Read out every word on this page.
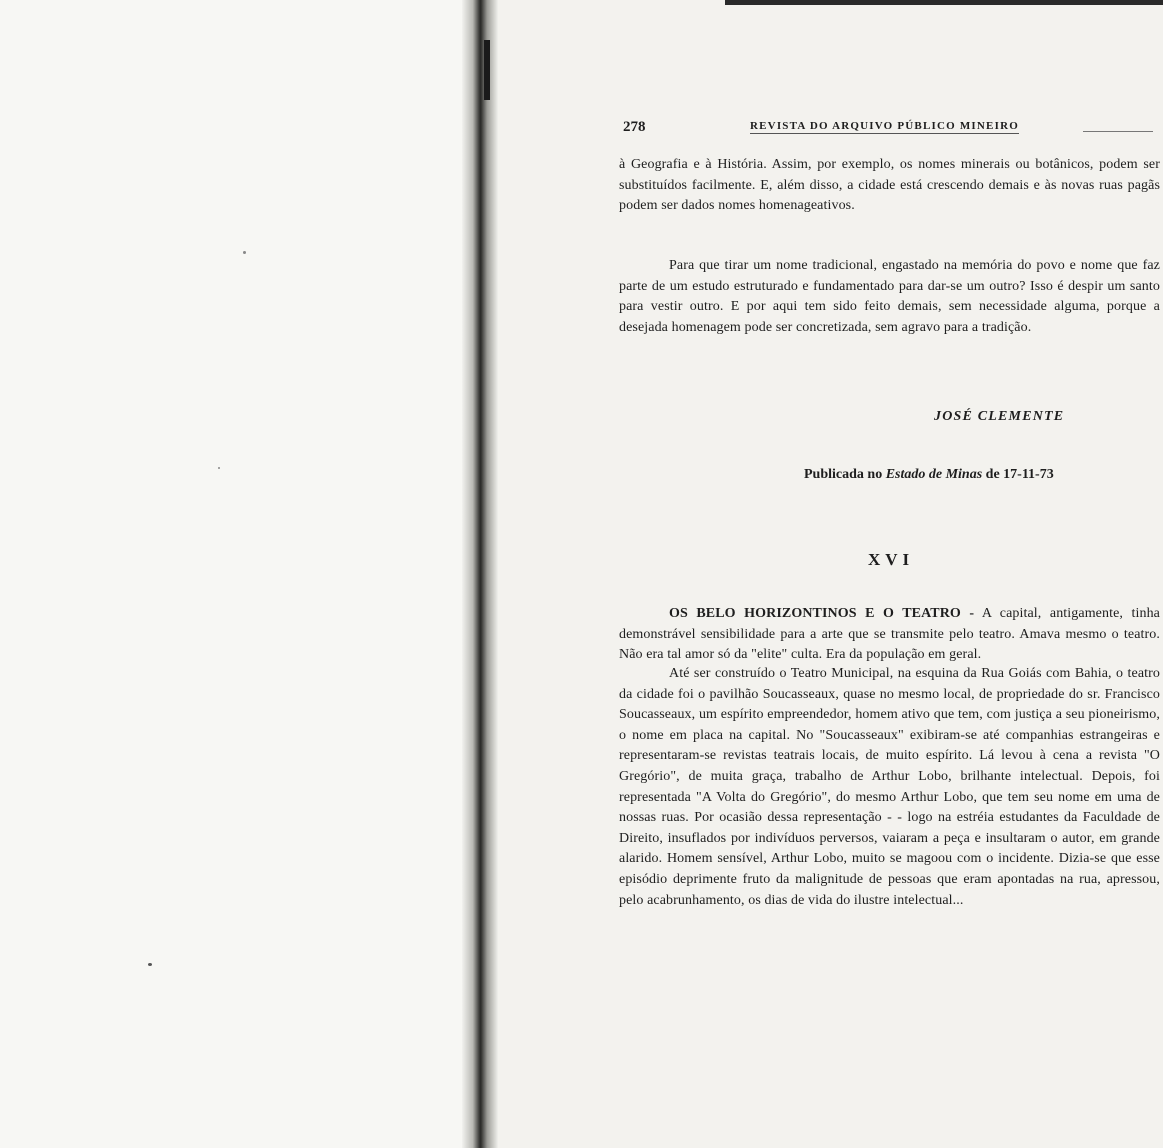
278	REVISTA DO ARQUIVO PÚBLICO MINEIRO

à Geografia e à História. Assim, por exemplo, os nomes minerais ou botânicos, podem ser substituídos facilmente. E, além disso, a cidade está crescendo demais e às novas ruas pagãs podem ser dados nomes homenageativos.

Para que tirar um nome tradicional, engastado na memória do povo e nome que faz parte de um estudo estruturado e fundamentado para dar-se um outro? Isso é despir um santo para vestir outro. E por aqui tem sido feito demais, sem necessidade alguma, porque a desejada homenagem pode ser concretizada, sem agravo para a tradição.

JOSÉ CLEMENTE
Publicada no Estado de Minas de 17-11-73
XVI

OS BELO HORIZONTINOS E O TEATRO - A capital, antigamente, tinha demonstrável sensibilidade para a arte que se transmite pelo teatro. Amava mesmo o teatro. Não era tal amor só da "elite" culta. Era da população em geral.

Até ser construído o Teatro Municipal, na esquina da Rua Goiás com Bahia, o teatro da cidade foi o pavilhão Soucasseaux, quase no mesmo local, de propriedade do sr. Francisco Soucasseaux, um espírito empreendedor, homem ativo que tem, com justiça a seu pioneirismo, o nome em placa na capital. No "Soucasseaux" exibiram-se até companhias estrangeiras e representaram-se revistas teatrais locais, de muito espírito. Lá levou à cena a revista "O Gregório", de muita graça, trabalho de Arthur Lobo, brilhante intelectual. Depois, foi representada "A Volta do Gregório", do mesmo Arthur Lobo, que tem seu nome em uma de nossas ruas. Por ocasião dessa representação - - logo na estréia estudantes da Faculdade de Direito, insuflados por indivíduos perversos, vaiaram a peça e insultaram o autor, em grande alarido. Homem sensível, Arthur Lobo, muito se magoou com o incidente. Dizia-se que esse episódio deprimente fruto da malignitude de pessoas que eram apontadas na rua, apressou, pelo acabrunhamento, os dias de vida do ilustre intelectual...
